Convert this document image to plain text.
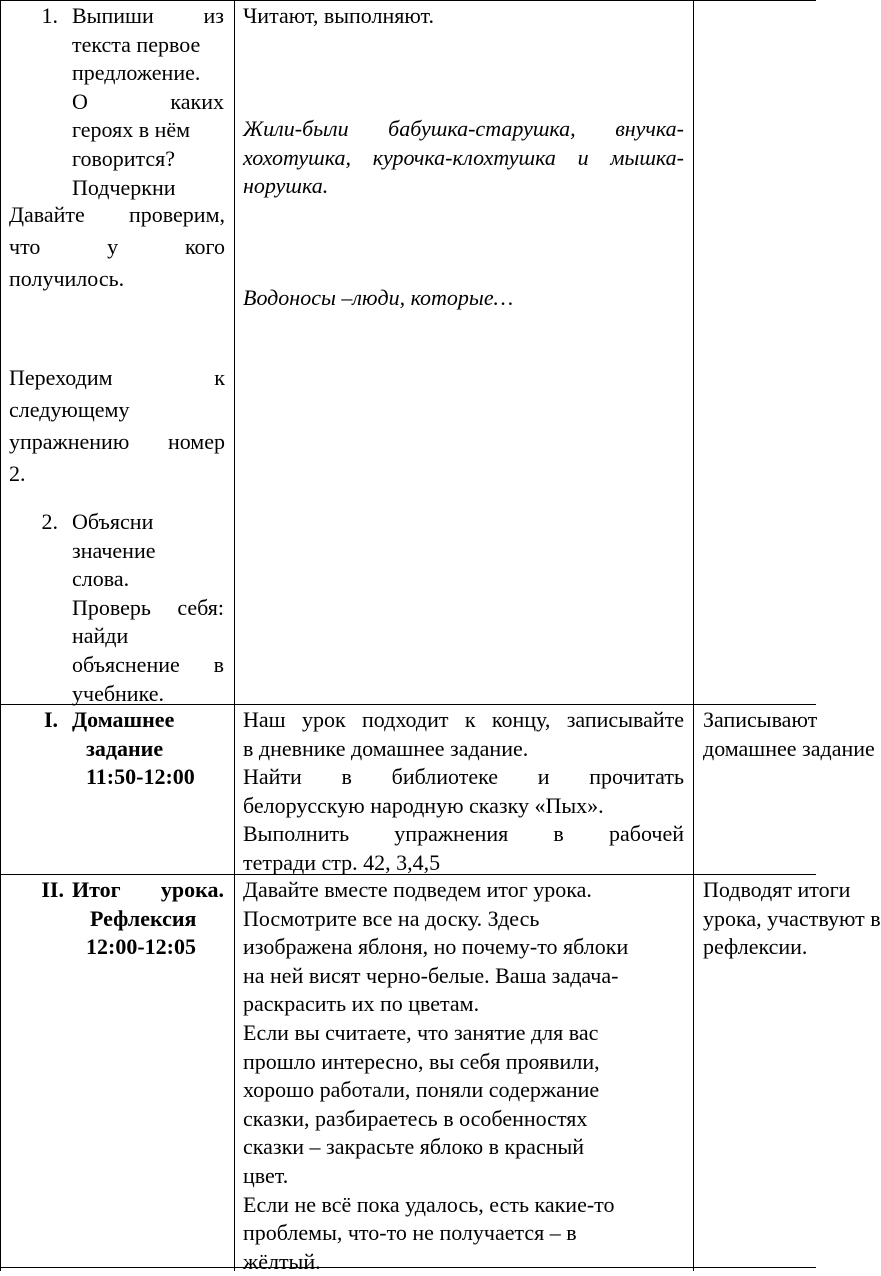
1. Выпиши из
текста первое
предложение.
О каких
героях в нём
говорится?
Подчеркни
Давайте проверим,
что у кого
получилось.
Переходим к
следующему
упражнению номер
2.
2. Объясни
значение
слова.
Проверь себя:
найди
объяснение в
учебнике.
Читают, выполняют.
Жили-были бабушка-старушка, внучка-
хохотушка, курочка-клохтушка и мышка-
норушка.
Водоносы –люди, которые…
I. Домашнее
задание
11:50-12:00
Наш урок подходит к концу, записывайте
в дневнике домашнее задание.
Найти в библиотеке и прочитать
белорусскую народную сказку «Пых».
Выполнить упражнения в рабочей
тетради стр. 42, 3,4,5
Записывают
домашнее задание
II. Итог урока.
Рефлексия
12:00-12:05
Давайте вместе подведем итог урока.
Посмотрите все на доску. Здесь
изображена яблоня, но почему-то яблоки
на ней висят черно-белые. Ваша задача-
раскрасить их по цветам.
Если вы считаете, что занятие для вас
прошло интересно, вы себя проявили,
хорошо работали, поняли содержание
сказки, разбираетесь в особенностях
сказки – закрасьте яблоко в красный
цвет.
Если не всё пока удалось, есть какие-то
проблемы, что-то не получается – в
жёлтый.
Подводят итоги
урока, участвуют в
рефлексии.
